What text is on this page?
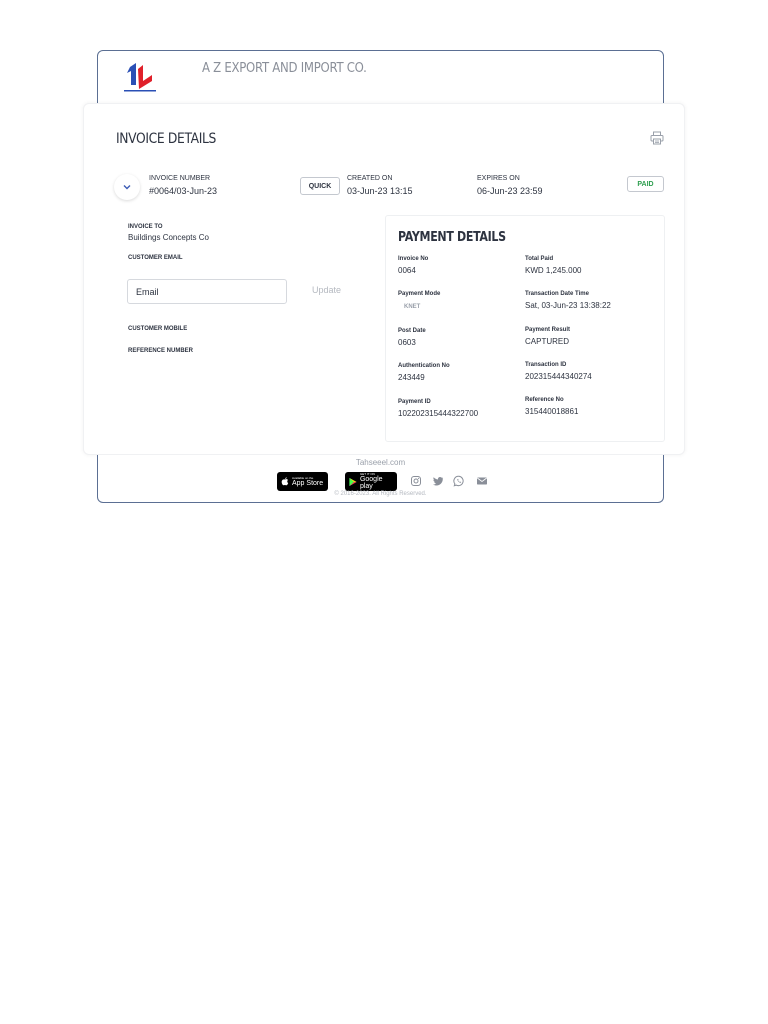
A Z EXPORT AND IMPORT CO.
INVOICE DETAILS
INVOICE NUMBER
#0064/03-Jun-23	QUICK
CREATED ON
03-Jun-23 13:15
EXPIRES ON
06-Jun-23 23:59
PAID
INVOICE TO
Buildings Concepts Co
CUSTOMER EMAIL
Email
Update
CUSTOMER MOBILE
REFERENCE NUMBER
PAYMENT DETAILS
Invoice No
0064
Total Paid
KWD 1,245.000
Payment Mode
KNET
Transaction Date Time
Sat, 03-Jun-23 13:38:22
Post Date
0603
Payment Result
CAPTURED
Authentication No
243449
Transaction ID
202315444340274
Payment ID
102202315444322700
Reference No
315440018861
Tahseeel.com
Available on the
App Store
GET IT ON
Google play
© 2016-2023. All Rights Reserved.
